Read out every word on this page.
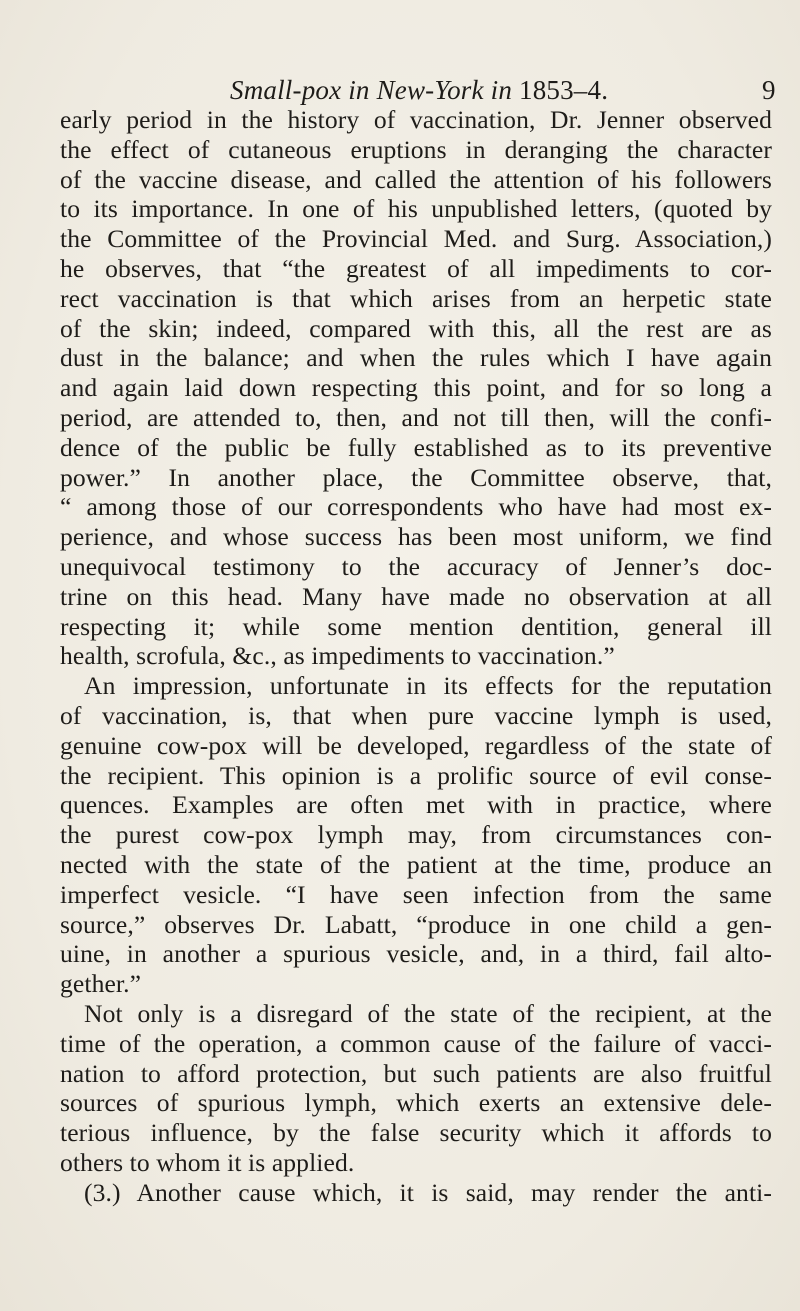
Small-pox in New-York in 1853–4.	9
early period in the history of vaccination, Dr. Jenner observed
the effect of cutaneous eruptions in deranging the character
of the vaccine disease, and called the attention of his followers
to its importance. In one of his unpublished letters, (quoted by
the Committee of the Provincial Med. and Surg. Association,)
he observes, that “the greatest of all impediments to cor-
rect vaccination is that which arises from an herpetic state
of the skin; indeed, compared with this, all the rest are as
dust in the balance; and when the rules which I have again
and again laid down respecting this point, and for so long a
period, are attended to, then, and not till then, will the confi-
dence of the public be fully established as to its preventive
power.” In another place, the Committee observe, that,
“ among those of our correspondents who have had most ex-
perience, and whose success has been most uniform, we find
unequivocal testimony to the accuracy of Jenner’s doc-
trine on this head. Many have made no observation at all
respecting it; while some mention dentition, general ill
health, scrofula, &c., as impediments to vaccination.”
An impression, unfortunate in its effects for the reputation
of vaccination, is, that when pure vaccine lymph is used,
genuine cow-pox will be developed, regardless of the state of
the recipient. This opinion is a prolific source of evil conse-
quences. Examples are often met with in practice, where
the purest cow-pox lymph may, from circumstances con-
nected with the state of the patient at the time, produce an
imperfect vesicle. “I have seen infection from the same
source,” observes Dr. Labatt, “produce in one child a gen-
uine, in another a spurious vesicle, and, in a third, fail alto-
gether.”
Not only is a disregard of the state of the recipient, at the
time of the operation, a common cause of the failure of vacci-
nation to afford protection, but such patients are also fruitful
sources of spurious lymph, which exerts an extensive dele-
terious influence, by the false security which it affords to
others to whom it is applied.
(3.) Another cause which, it is said, may render the anti-
